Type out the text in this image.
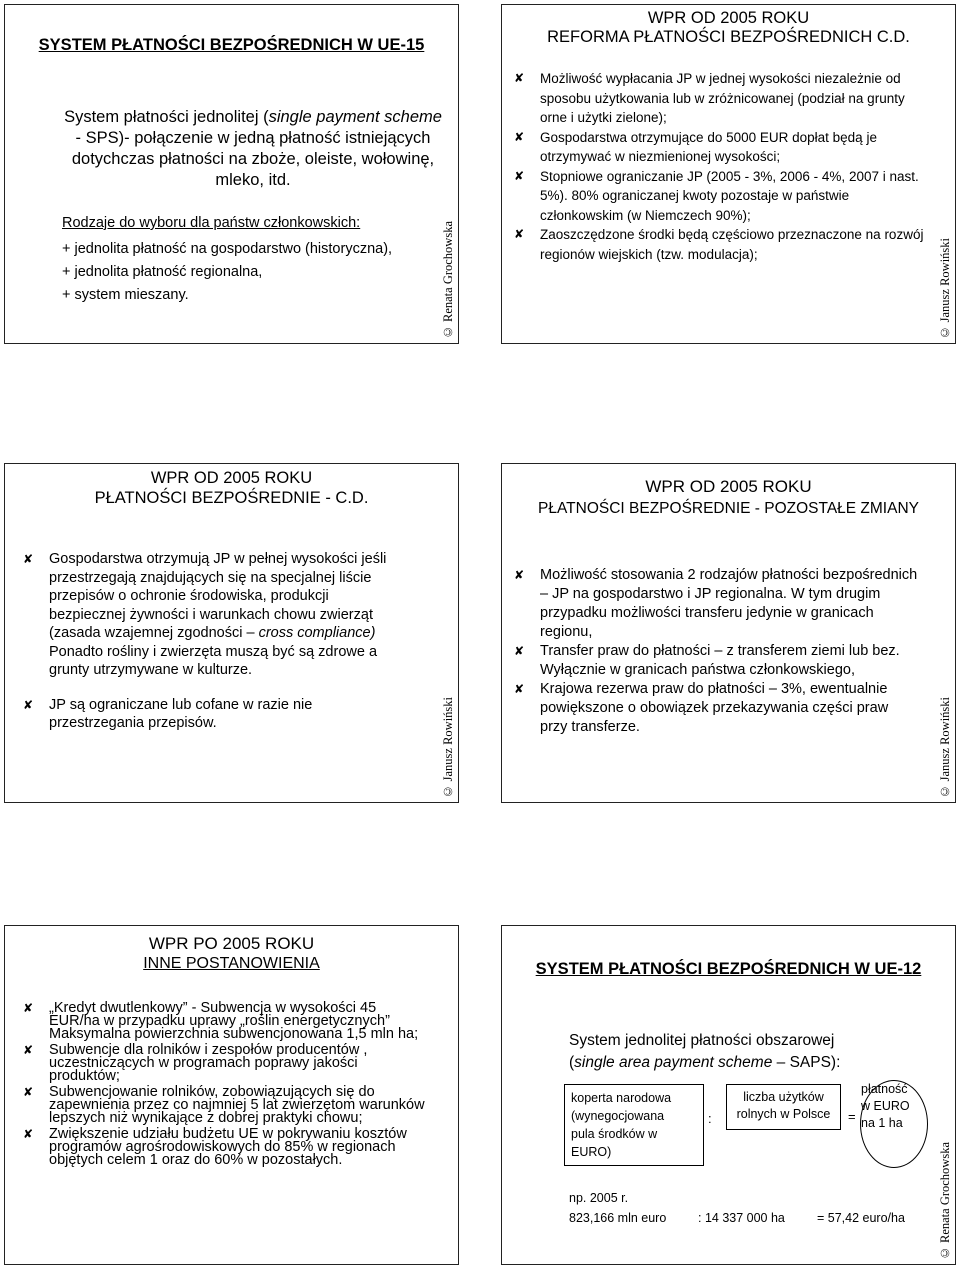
SYSTEM PŁATNOŚCI BEZPOŚREDNICH W UE-15
System płatności jednolitej (single payment scheme - SPS)- połączenie w jedną płatność istniejących dotychczas płatności na zboże, oleiste, wołowinę, mleko, itd.
Rodzaje do wyboru dla państw członkowskich:
+ jednolita płatność na gospodarstwo (historyczna),
+ jednolita płatność regionalna,
+ system mieszany.	© Renata Grochowska
WPR OD 2005 ROKU
REFORMA PŁATNOŚCI BEZPOŚREDNICH C.D.
✘ Możliwość wypłacania JP w jednej wysokości niezależnie od sposobu użytkowania lub w zróżnicowanej (podział na grunty orne i użytki zielone);
✘ Gospodarstwa otrzymujące do 5000 EUR dopłat będą je otrzymywać w niezmienionej wysokości;
✘ Stopniowe ograniczanie JP (2005 - 3%, 2006 - 4%, 2007 i nast. 5%). 80% ograniczanej kwoty pozostaje w państwie członkowskim (w Niemczech 90%);
✘ Zaoszczędzone środki będą częściowo przeznaczone na rozwój regionów wiejskich (tzw. modulacja);	© Janusz Rowiński
WPR OD 2005 ROKU
PŁATNOŚCI BEZPOŚREDNIE - C.D.
✘ Gospodarstwa otrzymują JP w pełnej wysokości jeśli przestrzegają znajdujących się na specjalnej liście przepisów o ochronie środowiska, produkcji bezpiecznej żywności i warunkach chowu zwierząt (zasada wzajemnej zgodności – cross compliance) Ponadto rośliny i zwierzęta muszą być są zdrowe a grunty utrzymywane w kulturze.
✘ JP są ograniczane lub cofane w razie nie przestrzegania przepisów.	© Janusz Rowiński
WPR OD 2005 ROKU
PŁATNOŚCI BEZPOŚREDNIE - POZOSTAŁE ZMIANY
✘ Możliwość stosowania 2 rodzajów płatności bezpośrednich – JP na gospodarstwo i JP regionalna. W tym drugim przypadku możliwości transferu jedynie w granicach regionu,
✘ Transfer praw do płatności – z transferem ziemi lub bez. Wyłącznie w granicach państwa członkowskiego,
✘ Krajowa rezerwa praw do płatności – 3%, ewentualnie powiększone o obowiązek przekazywania części praw przy transferze.	© Janusz Rowiński
WPR PO 2005 ROKU
INNE POSTANOWIENIA
✘ „Kredyt dwutlenkowy” - Subwencja w wysokości 45 EUR/ha w przypadku uprawy „roślin energetycznych” Maksymalna powierzchnia subwencjonowana 1,5 mln ha;
✘ Subwencje dla rolników i zespołów producentów , uczestniczących w programach poprawy jakości produktów;
✘ Subwencjowanie rolników, zobowiązujących się do zapewnienia przez co najmniej 5 lat zwierzętom warunków lepszych niż wynikające z dobrej praktyki chowu;
✘ Zwiększenie udziału budżetu UE w pokrywaniu kosztów programów agrośrodowiskowych do 85% w regionach objętych celem 1 oraz do 60% w pozostałych.
SYSTEM PŁATNOŚCI BEZPOŚREDNICH W UE-12
System jednolitej płatności obszarowej
(single area payment scheme – SAPS):
koperta narodowa
(wynegocjowana
pula środków w
EURO)
:
liczba użytków
rolnych w Polsce	=
płatność
w EURO
na 1 ha
np. 2005 r.
823,166 mln euro	: 14 337 000 ha	= 57,42 euro/ha	© Renata Grochowska
